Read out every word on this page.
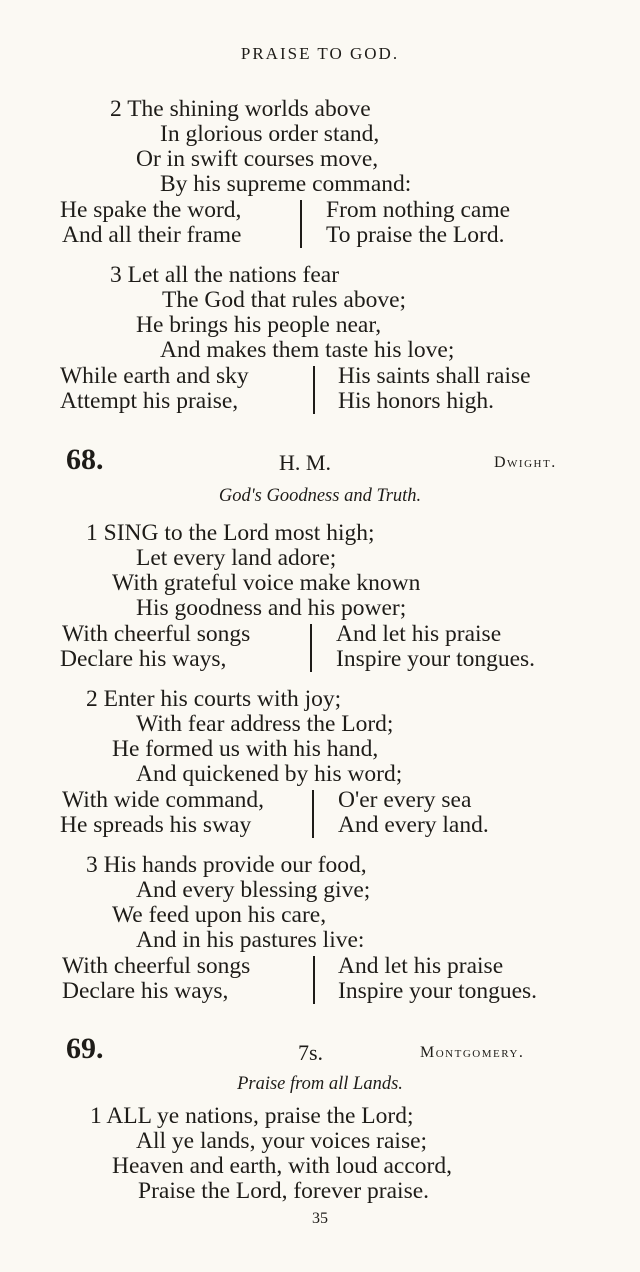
PRAISE TO GOD.
2 The shining worlds above
In glorious order stand,
Or in swift courses move,
By his supreme command:
He spake the word,
And all their frame
From nothing came
To praise the Lord.
3 Let all the nations fear
The God that rules above;
He brings his people near,
And makes them taste his love;
While earth and sky
Attempt his praise,
His saints shall raise
His honors high.
68.	H. M.	Dwight.
God's Goodness and Truth.
1 SING to the Lord most high;
Let every land adore;
With grateful voice make known
His goodness and his power;
With cheerful songs
Declare his ways,
And let his praise
Inspire your tongues.
2 Enter his courts with joy;
With fear address the Lord;
He formed us with his hand,
And quickened by his word;
With wide command,
He spreads his sway
O'er every sea
And every land.
3 His hands provide our food,
And every blessing give;
We feed upon his care,
And in his pastures live:
With cheerful songs
Declare his ways,
And let his praise
Inspire your tongues.
69.	7s.	Montgomery.
Praise from all Lands.
1 ALL ye nations, praise the Lord;
All ye lands, your voices raise;
Heaven and earth, with loud accord,
Praise the Lord, forever praise.
35
